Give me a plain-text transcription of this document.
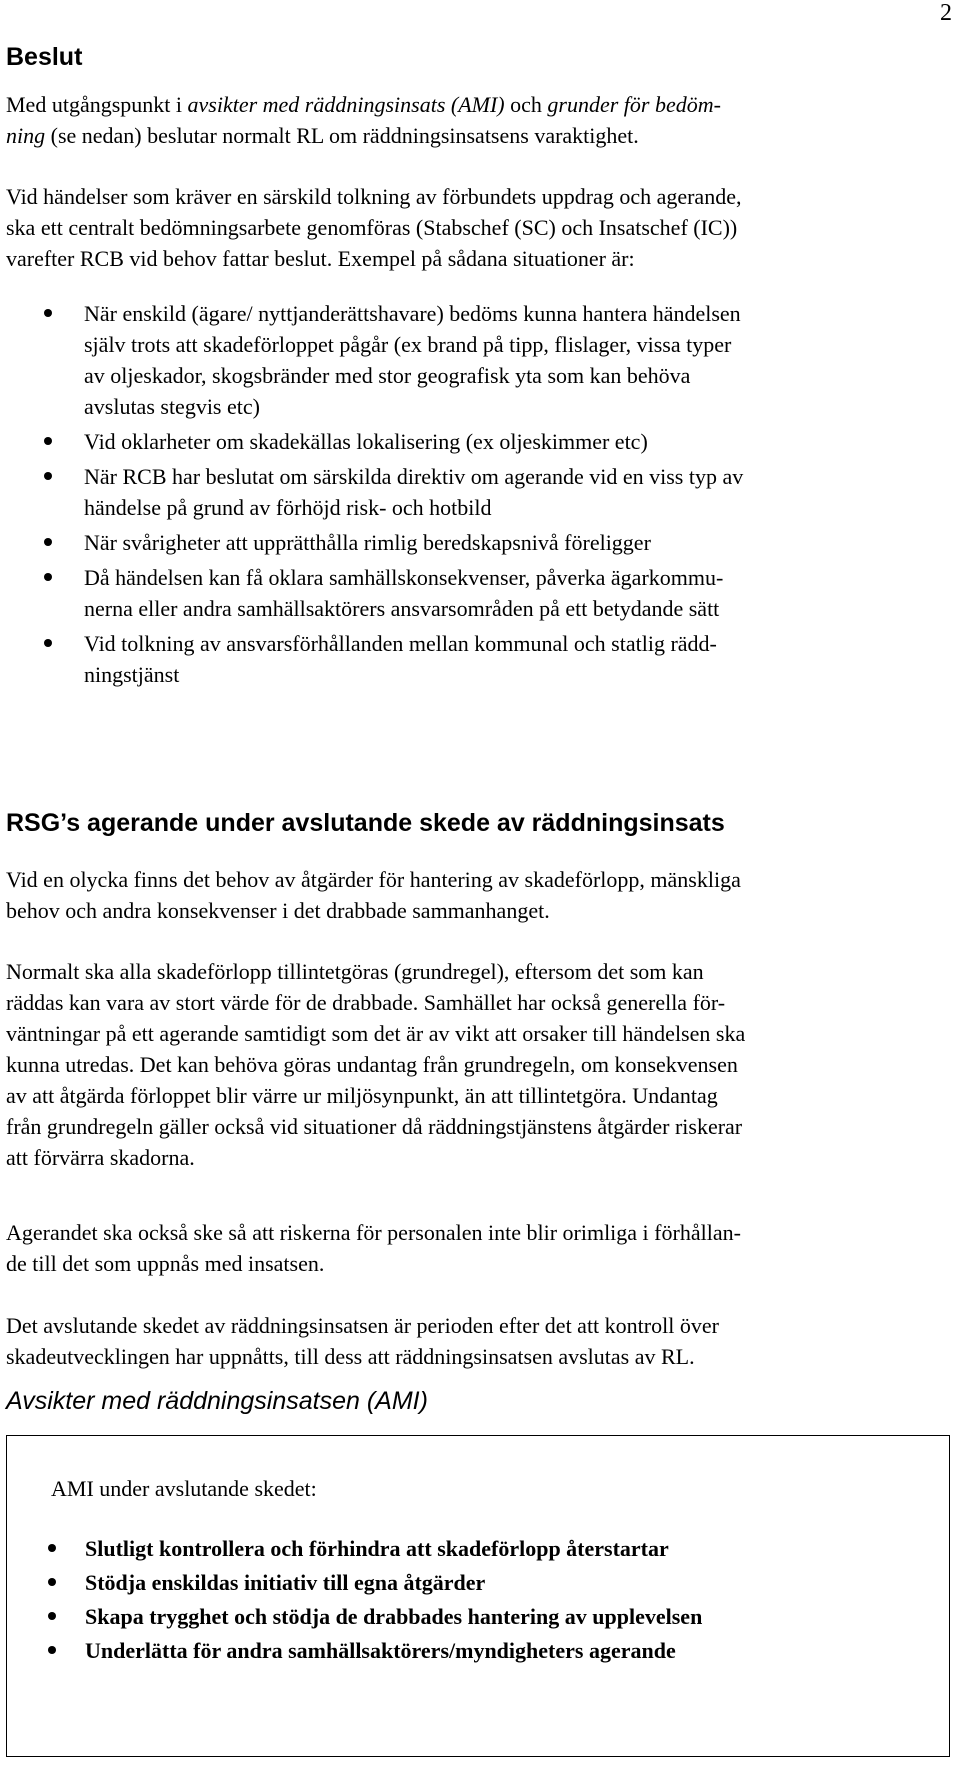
2
Beslut

Med utgångspunkt i avsikter med räddningsinsats (AMI) och grunder för bedöm-
ning (se nedan) beslutar normalt RL om räddningsinsatsens varaktighet.

Vid händelser som kräver en särskild tolkning av förbundets uppdrag och agerande,
ska ett centralt bedömningsarbete genomföras (Stabschef (SC) och Insatschef (IC))
varefter RCB vid behov fattar beslut. Exempel på sådana situationer är:

När enskild (ägare/ nyttjanderättshavare) bedöms kunna hantera händelsen
själv trots att skadeförloppet pågår (ex brand på tipp, flislager, vissa typer
av oljeskador, skogsbränder med stor geografisk yta som kan behöva
avslutas stegvis etc)
Vid oklarheter om skadekällas lokalisering (ex oljeskimmer etc)
När RCB har beslutat om särskilda direktiv om agerande vid en viss typ av
händelse på grund av förhöjd risk- och hotbild
När svårigheter att upprätthålla rimlig beredskapsnivå föreligger
Då händelsen kan få oklara samhällskonsekvenser, påverka ägarkommu-
nerna eller andra samhällsaktörers ansvarsområden på ett betydande sätt
Vid tolkning av ansvarsförhållanden mellan kommunal och statlig rädd-
ningstjänst
RSG’s agerande under avslutande skede av räddningsinsats

Vid en olycka finns det behov av åtgärder för hantering av skadeförlopp, mänskliga
behov och andra konsekvenser i det drabbade sammanhanget.

Normalt ska alla skadeförlopp tillintetgöras (grundregel), eftersom det som kan
räddas kan vara av stort värde för de drabbade. Samhället har också generella för-
väntningar på ett agerande samtidigt som det är av vikt att orsaker till händelsen ska
kunna utredas. Det kan behöva göras undantag från grundregeln, om konsekvensen
av att åtgärda förloppet blir värre ur miljösynpunkt, än att tillintetgöra. Undantag
från grundregeln gäller också vid situationer då räddningstjänstens åtgärder riskerar
att förvärra skadorna.

Agerandet ska också ske så att riskerna för personalen inte blir orimliga i förhållan-
de till det som uppnås med insatsen.

Det avslutande skedet av räddningsinsatsen är perioden efter det att kontroll över
skadeutvecklingen har uppnåtts, till dess att räddningsinsatsen avslutas av RL.

Avsikter med räddningsinsatsen (AMI)

AMI under avslutande skedet:

Slutligt kontrollera och förhindra att skadeförlopp återstartar
Stödja enskildas initiativ till egna åtgärder
Skapa trygghet och stödja de drabbades hantering av upplevelsen
Underlätta för andra samhällsaktörers/myndigheters agerande
